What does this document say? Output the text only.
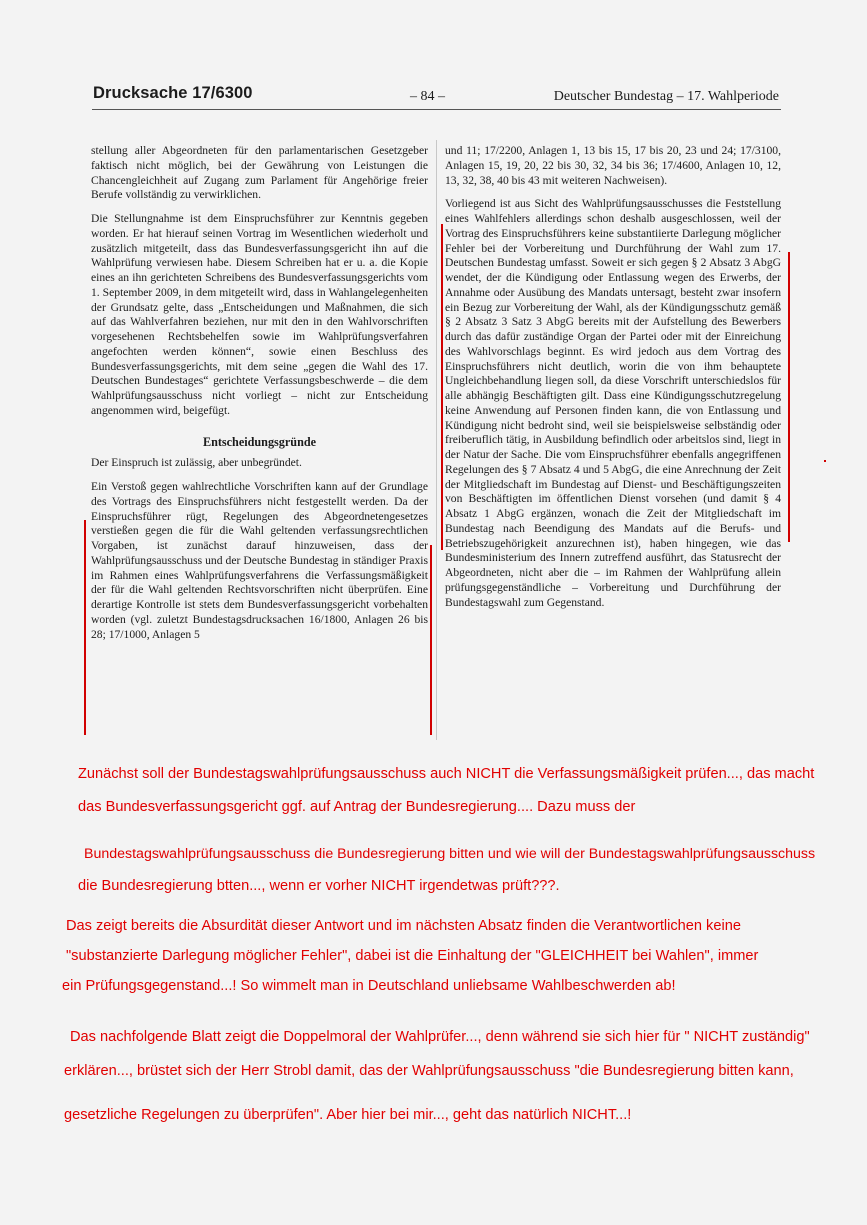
Drucksache 17/6300	– 84 –	Deutscher Bundestag – 17. Wahlperiode

stellung aller Abgeordneten für den parlamentarischen Gesetzgeber faktisch nicht möglich, bei der Gewährung von Leistungen die Chancengleichheit auf Zugang zum Parlament für Angehörige freier Berufe vollständig zu verwirklichen.

Die Stellungnahme ist dem Einspruchsführer zur Kenntnis gegeben worden. Er hat hierauf seinen Vortrag im Wesentlichen wiederholt und zusätzlich mitgeteilt, dass das Bundesverfassungsgericht ihn auf die Wahlprüfung verwiesen habe. Diesem Schreiben hat er u. a. die Kopie eines an ihn gerichteten Schreibens des Bundesverfassungsgerichts vom 1. September 2009, in dem mitgeteilt wird, dass in Wahlangelegenheiten der Grundsatz gelte, dass „Entscheidungen und Maßnahmen, die sich auf das Wahlverfahren beziehen, nur mit den in den Wahlvorschriften vorgesehenen Rechtsbehelfen sowie im Wahlprüfungsverfahren angefochten werden können“, sowie einen Beschluss des Bundesverfassungsgerichts, mit dem seine „gegen die Wahl des 17. Deutschen Bundestages“ gerichtete Verfassungsbeschwerde – die dem Wahlprüfungsausschuss nicht vorliegt – nicht zur Entscheidung angenommen wird, beigefügt.

Entscheidungsgründe

Der Einspruch ist zulässig, aber unbegründet.

Ein Verstoß gegen wahlrechtliche Vorschriften kann auf der Grundlage des Vortrags des Einspruchsführers nicht festgestellt werden. Da der Einspruchsführer rügt, Regelungen des Abgeordnetengesetzes verstießen gegen die für die Wahl geltenden verfassungsrechtlichen Vorgaben, ist zunächst darauf hinzuweisen, dass der Wahlprüfungsausschuss und der Deutsche Bundestag in ständiger Praxis im Rahmen eines Wahlprüfungsverfahrens die Verfassungsmäßigkeit der für die Wahl geltenden Rechtsvorschriften nicht überprüfen. Eine derartige Kontrolle ist stets dem Bundesverfassungsgericht vorbehalten worden (vgl. zuletzt Bundestagsdrucksachen 16/1800, Anlagen 26 bis 28; 17/1000, Anlagen 5

und 11; 17/2200, Anlagen 1, 13 bis 15, 17 bis 20, 23 und 24; 17/3100, Anlagen 15, 19, 20, 22 bis 30, 32, 34 bis 36; 17/4600, Anlagen 10, 12, 13, 32, 38, 40 bis 43 mit weiteren Nachweisen).

Vorliegend ist aus Sicht des Wahlprüfungsausschusses die Feststellung eines Wahlfehlers allerdings schon deshalb ausgeschlossen, weil der Vortrag des Einspruchsführers keine substantiierte Darlegung möglicher Fehler bei der Vorbereitung und Durchführung der Wahl zum 17. Deutschen Bundestag umfasst. Soweit er sich gegen § 2 Absatz 3 AbgG wendet, der die Kündigung oder Entlassung wegen des Erwerbs, der Annahme oder Ausübung des Mandats untersagt, besteht zwar insofern ein Bezug zur Vorbereitung der Wahl, als der Kündigungsschutz gemäß § 2 Absatz 3 Satz 3 AbgG bereits mit der Aufstellung des Bewerbers durch das dafür zuständige Organ der Partei oder mit der Einreichung des Wahlvorschlags beginnt. Es wird jedoch aus dem Vortrag des Einspruchsführers nicht deutlich, worin die von ihm behauptete Ungleichbehandlung liegen soll, da diese Vorschrift unterschiedslos für alle abhängig Beschäftigten gilt. Dass eine Kündigungsschutzregelung keine Anwendung auf Personen finden kann, die von Entlassung und Kündigung nicht bedroht sind, weil sie beispielsweise selbständig oder freiberuflich tätig, in Ausbildung befindlich oder arbeitslos sind, liegt in der Natur der Sache. Die vom Einspruchsführer ebenfalls angegriffenen Regelungen des § 7 Absatz 4 und 5 AbgG, die eine Anrechnung der Zeit der Mitgliedschaft im Bundestag auf Dienst- und Beschäftigungszeiten von Beschäftigten im öffentlichen Dienst vorsehen (und damit § 4 Absatz 1 AbgG ergänzen, wonach die Zeit der Mitgliedschaft im Bundestag nach Beendigung des Mandats auf die Berufs- und Betriebszugehörigkeit anzurechnen ist), haben hingegen, wie das Bundesministerium des Innern zutreffend ausführt, das Statusrecht der Abgeordneten, nicht aber die – im Rahmen der Wahlprüfung allein prüfungsgegenständliche – Vorbereitung und Durchführung der Bundestagswahl zum Gegenstand.

Zunächst soll der Bundestagswahlprüfungsausschuss auch NICHT die Verfassungsmäßigkeit prüfen..., das macht
das Bundesverfassungsgericht ggf. auf Antrag der Bundesregierung.... Dazu muss der
Bundestagswahlprüfungsausschuss die Bundesregierung bitten und wie will der Bundestagswahlprüfungsausschuss
die Bundesregierung btten..., wenn er vorher NICHT irgendetwas prüft???.
Das zeigt bereits die Absurdität dieser Antwort und im nächsten Absatz finden die Verantwortlichen keine
"substanzierte Darlegung möglicher Fehler", dabei ist die Einhaltung der "GLEICHHEIT bei Wahlen", immer
ein Prüfungsgegenstand...! So wimmelt man in Deutschland unliebsame Wahlbeschwerden ab!
Das nachfolgende Blatt zeigt die Doppelmoral der Wahlprüfer..., denn während sie sich hier für " NICHT zuständig"
erklären..., brüstet sich der Herr Strobl damit, das der Wahlprüfungsausschuss "die Bundesregierung bitten kann,
gesetzliche Regelungen zu überprüfen". Aber hier bei mir..., geht das natürlich NICHT...!
